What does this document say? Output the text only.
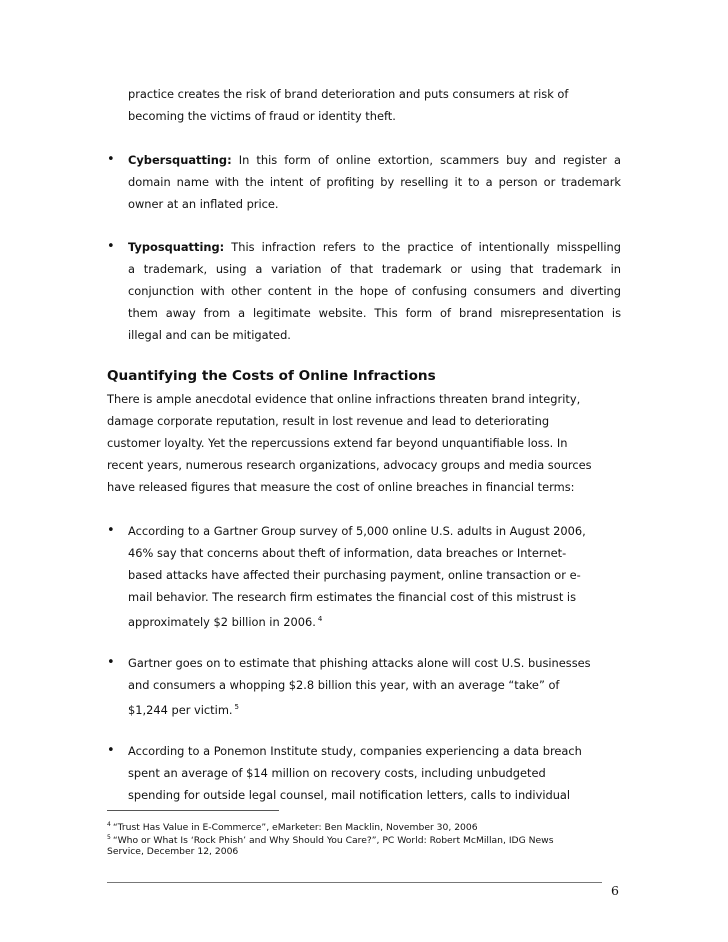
practice creates the risk of brand deterioration and puts consumers at risk of
becoming the victims of fraud or identity theft.
• Cybersquatting: In this form of online extortion, scammers buy and register a
domain name with the intent of profiting by reselling it to a person or trademark
owner at an inflated price.
• Typosquatting: This infraction refers to the practice of intentionally misspelling
a trademark, using a variation of that trademark or using that trademark in
conjunction with other content in the hope of confusing consumers and diverting
them away from a legitimate website. This form of brand misrepresentation is
illegal and can be mitigated.
Quantifying the Costs of Online Infractions
There is ample anecdotal evidence that online infractions threaten brand integrity,
damage corporate reputation, result in lost revenue and lead to deteriorating
customer loyalty. Yet the repercussions extend far beyond unquantifiable loss. In
recent years, numerous research organizations, advocacy groups and media sources
have released figures that measure the cost of online breaches in financial terms:
• According to a Gartner Group survey of 5,000 online U.S. adults in August 2006,
46% say that concerns about theft of information, data breaches or Internet-
based attacks have affected their purchasing payment, online transaction or e-
mail behavior. The research firm estimates the financial cost of this mistrust is
approximately $2 billion in 2006. $^4$
• Gartner goes on to estimate that phishing attacks alone will cost U.S. businesses
and consumers a whopping $2.8 billion this year, with an average “take” of
$1,244 per victim. $^5$
• According to a Ponemon Institute study, companies experiencing a data breach
spent an average of $14 million on recovery costs, including unbudgeted
spending for outside legal counsel, mail notification letters, calls to individual
$^4$ “Trust Has Value in E-Commerce”, eMarketer: Ben Macklin, November 30, 2006
$^5$ “Who or What Is ‘Rock Phish’ and Why Should You Care?”, PC World: Robert McMillan, IDG News
Service, December 12, 2006
6
